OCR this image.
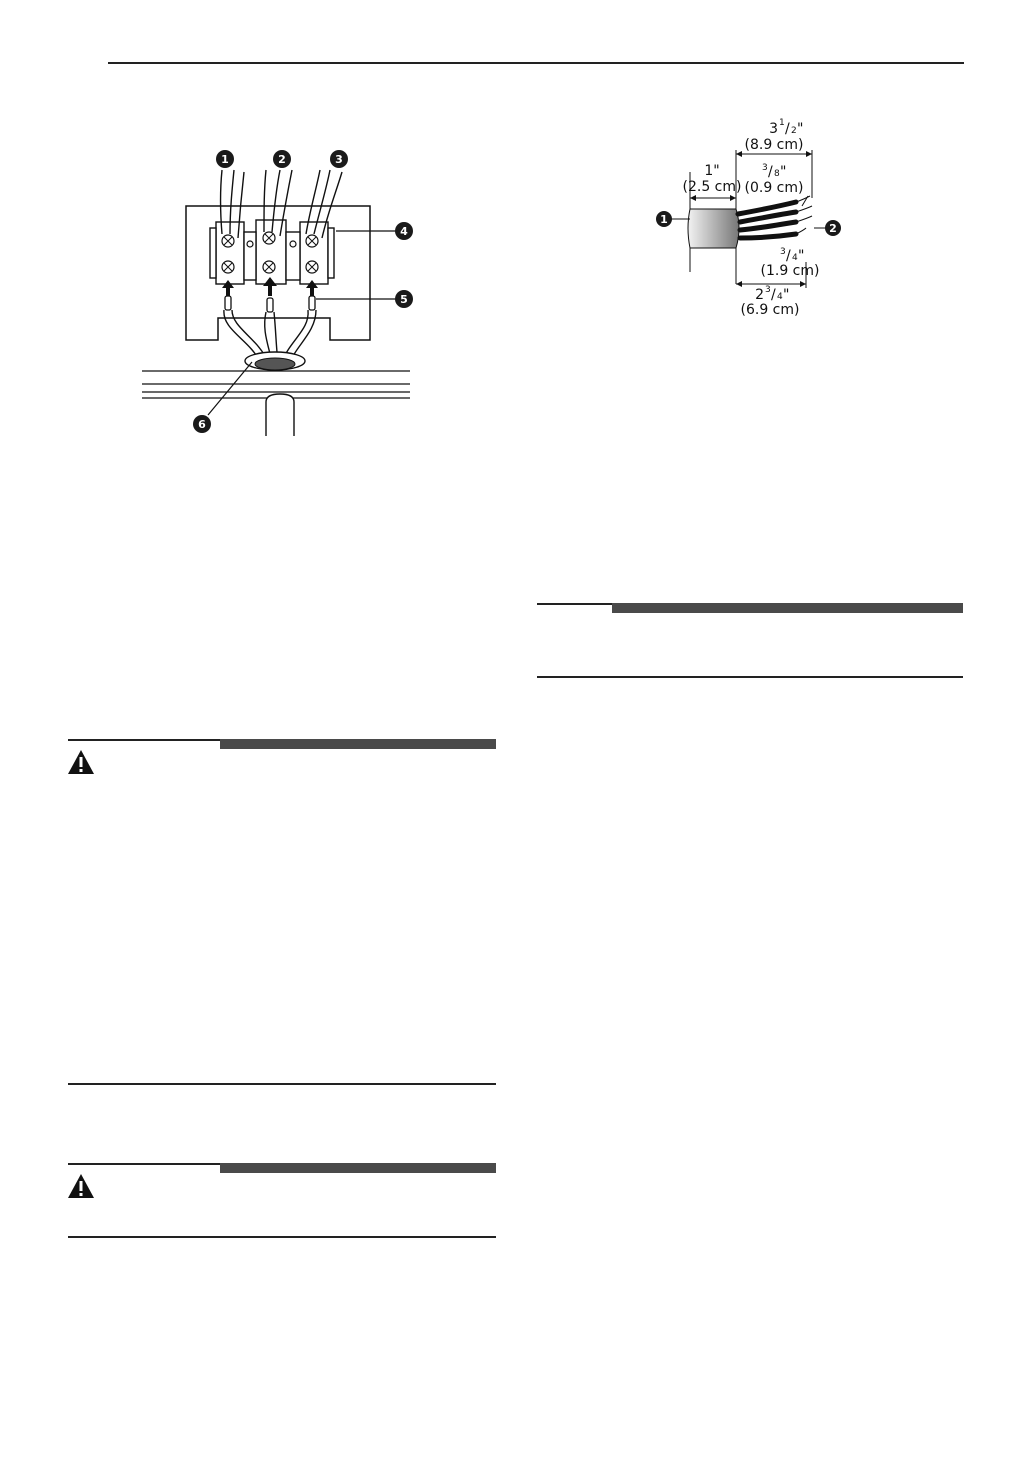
1	2	3
4
5
6
3 1 / 2 "
(8.9 cm)
1"
(2.5 cm)
3 / 8 "
(0.9 cm)
3 / 4 "
(1.9 cm)
2 3 / 4 "
(6.9 cm)
1
2
